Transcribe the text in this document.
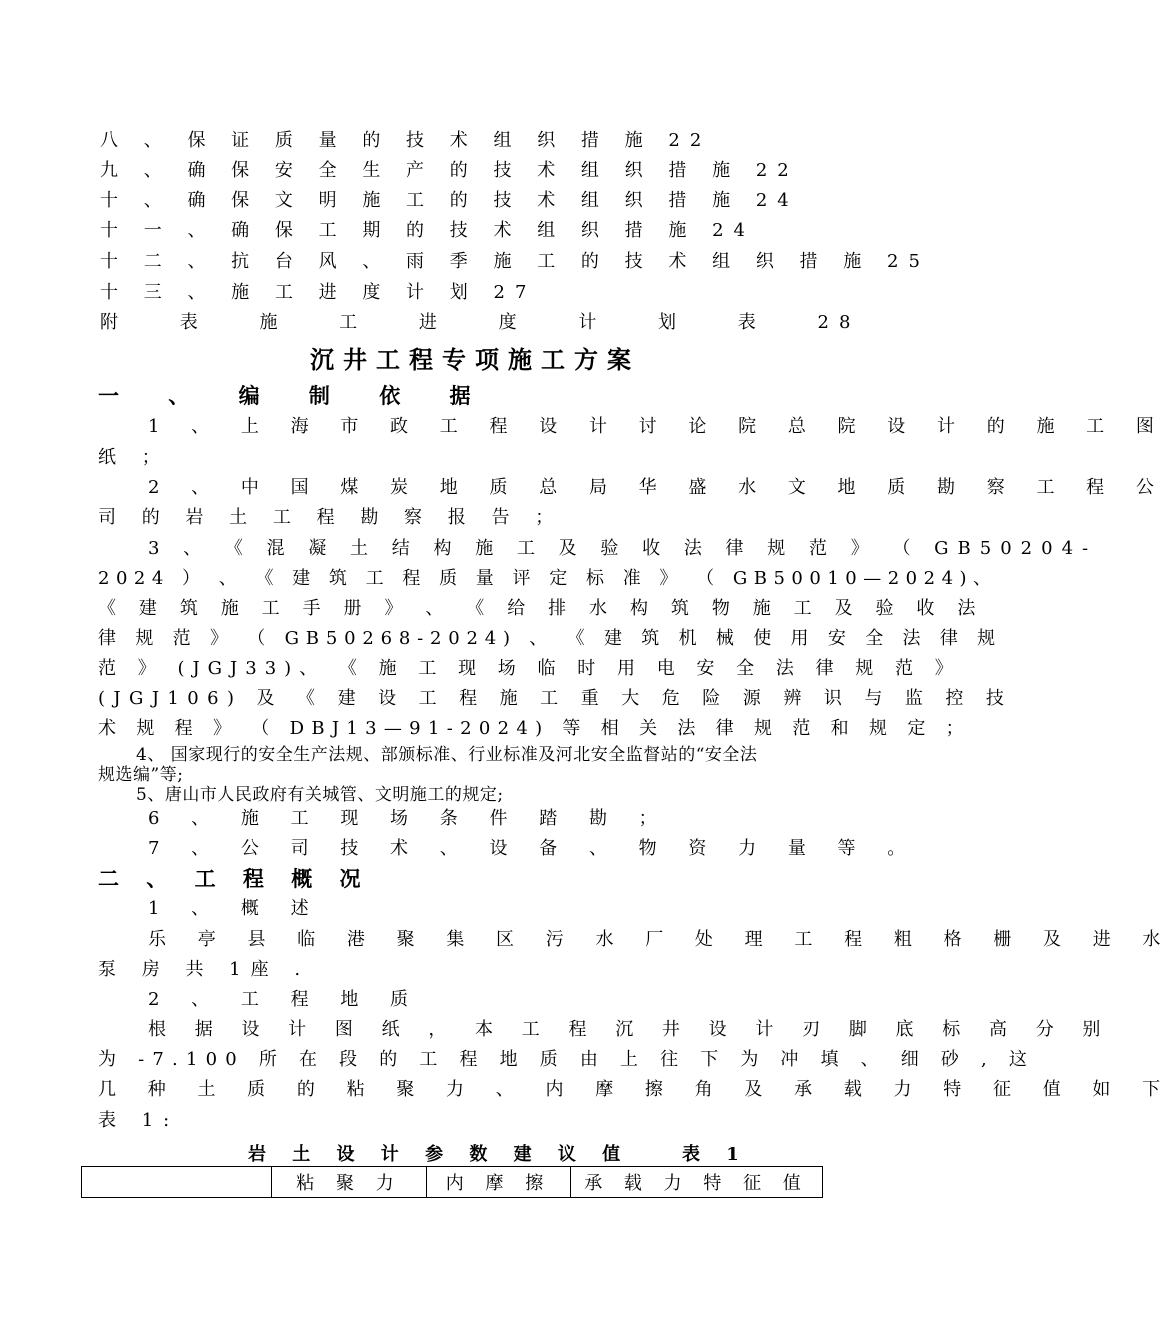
八 、 保 证 质 量 的 技 术 组 织 措 施 22
九 、 确 保 安 全 生 产 的 技 术 组 织 措 施 22
十 、 确 保 文 明 施 工 的 技 术 组 织 措 施 24
十 一 、 确 保 工 期 的 技 术 组 织 措 施 24
十 二 、 抗 台 风 、 雨 季 施 工 的 技 术 组 织 措 施 25
十 三 、 施 工 进 度 计 划 27
附 表 施 工 进 度 计 划 表 28
沉井工程专项施工方案
一 、 编 制 依 据
1 、 上 海 市 政 工 程 设 计 讨 论 院 总 院 设 计 的 施 工 图
纸 ；
2 、 中 国 煤 炭 地 质 总 局 华 盛 水 文 地 质 勘 察 工 程 公
司 的 岩 土 工 程 勘 察 报 告 ；
3 、 《 混 凝 土 结 构 施 工 及 验 收 法 律 规 范 》 （ GB50204-
2024 ） 、 《 建 筑 工 程 质 量 评 定 标 准 》 （ GB50010—2024)、
《 建 筑 施 工 手 册 》 、 《 给 排 水 构 筑 物 施 工 及 验 收 法
律 规 范 》 （ GB50268-2024) 、 《 建 筑 机 械 使 用 安 全 法 律 规
范 》 (JGJ33)、 《 施 工 现 场 临 时 用 电 安 全 法 律 规 范 》
(JGJ106) 及 《 建 设 工 程 施 工 重 大 危 险 源 辨 识 与 监 控 技
术 规 程 》 （ DBJ13—91-2024) 等 相 关 法 律 规 范 和 规 定 ；
4、 国家现行的安全生产法规、部颁标准、行业标准及河北安全监督站的“安全法
规选编”等;
5、唐山市人民政府有关城管、文明施工的规定;
6 、 施 工 现 场 条 件 踏 勘 ；
7 、 公 司 技 术 、 设 备 、 物 资 力 量 等 。
二 、 工 程 概 况
1 、 概 述
乐 亭 县 临 港 聚 集 区 污 水 厂 处 理 工 程 粗 格 栅 及 进 水
泵 房 共 1座 .
2 、 工 程 地 质
根 据 设 计 图 纸 ， 本 工 程 沉 井 设 计 刃 脚 底 标 高 分 别
为 -7.100 所 在 段 的 工 程 地 质 由 上 往 下 为 冲 填 、 细 砂 , 这
几 种 土 质 的 粘 聚 力 、 内 摩 擦 角 及 承 载 力 特 征 值 如 下
表 1:
岩 土 设 计 参 数 建 议 值	表 1
	粘 聚 力	内 摩 擦	承 载 力 特 征 值
